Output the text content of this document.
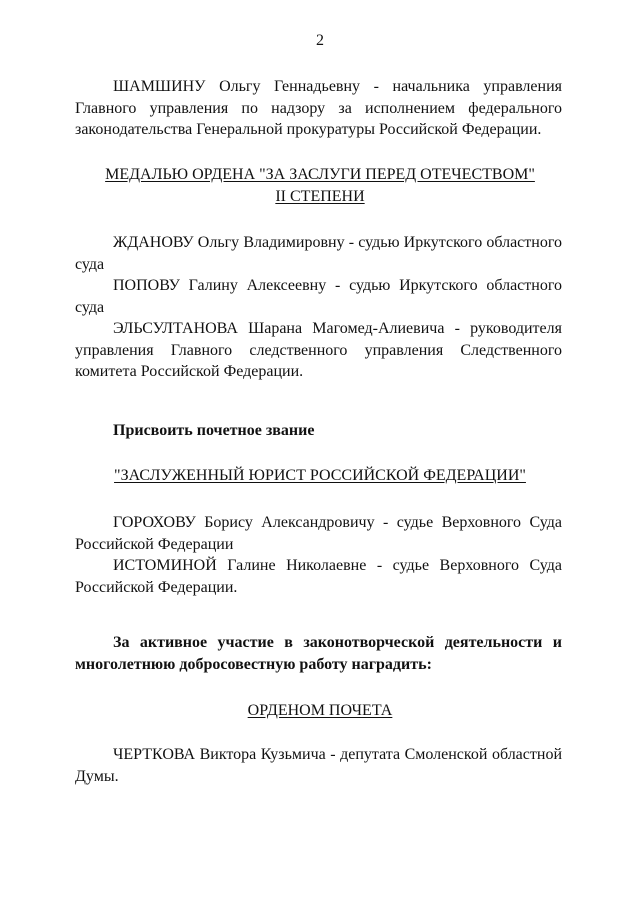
2
ШАМШИНУ Ольгу Геннадьевну - начальника управления Главного управления по надзору за исполнением федерального законодательства Генеральной прокуратуры Российской Федерации.
МЕДАЛЬЮ ОРДЕНА "ЗА ЗАСЛУГИ ПЕРЕД ОТЕЧЕСТВОМ"
II СТЕПЕНИ

ЖДАНОВУ Ольгу Владимировну - судью Иркутского областного суда

ПОПОВУ Галину Алексеевну - судью Иркутского областного суда

ЭЛЬСУЛТАНОВА Шарана Магомед-Алиевича - руководителя управления Главного следственного управления Следственного комитета Российской Федерации.

Присвоить почетное звание
"ЗАСЛУЖЕННЫЙ ЮРИСТ РОССИЙСКОЙ ФЕДЕРАЦИИ"

ГОРОХОВУ Борису Александровичу - судье Верховного Суда Российской Федерации

ИСТОМИНОЙ Галине Николаевне - судье Верховного Суда Российской Федерации.

За активное участие в законотворческой деятельности и многолетнюю добросовестную работу наградить:
ОРДЕНОМ ПОЧЕТА
ЧЕРТКОВА Виктора Кузьмича - депутата Смоленской областной Думы.
